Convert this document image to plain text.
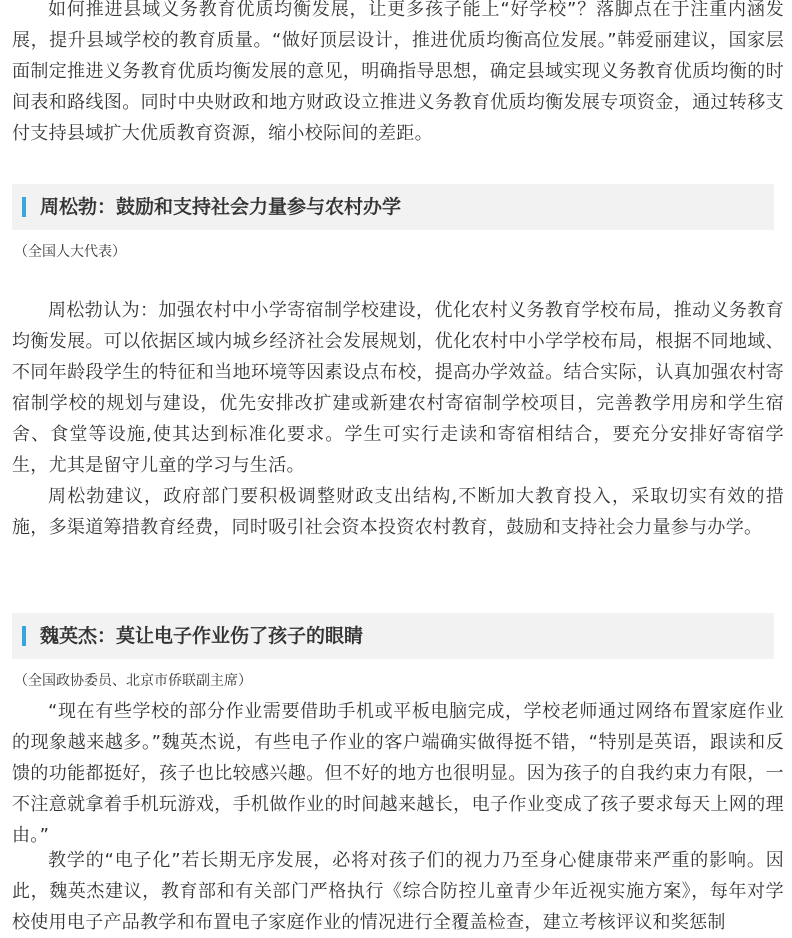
如何推进县域义务教育优质均衡发展，让更多孩子能上“好学校”？落脚点在于注重内涵发展，提升县域学校的教育质量。“做好顶层设计，推进优质均衡高位发展。”韩爱丽建议，国家层面制定推进义务教育优质均衡发展的意见，明确指导思想，确定县域实现义务教育优质均衡的时间表和路线图。同时中央财政和地方财政设立推进义务教育优质均衡发展专项资金，通过转移支付支持县域扩大优质教育资源，缩小校际间的差距。

周松勃：鼓励和支持社会力量参与农村办学
（全国人大代表）

周松勃认为：加强农村中小学寄宿制学校建设，优化农村义务教育学校布局，推动义务教育均衡发展。可以依据区域内城乡经济社会发展规划，优化农村中小学学校布局，根据不同地域、不同年龄段学生的特征和当地环境等因素设点布校，提高办学效益。结合实际，认真加强农村寄宿制学校的规划与建设，优先安排改扩建或新建农村寄宿制学校项目，完善教学用房和学生宿舍、食堂等设施,使其达到标准化要求。学生可实行走读和寄宿相结合，要充分安排好寄宿学生，尤其是留守儿童的学习与生活。

周松勃建议，政府部门要积极调整财政支出结构,不断加大教育投入，采取切实有效的措施，多渠道筹措教育经费，同时吸引社会资本投资农村教育，鼓励和支持社会力量参与办学。

魏英杰：莫让电子作业伤了孩子的眼睛
（全国政协委员、北京市侨联副主席）

“现在有些学校的部分作业需要借助手机或平板电脑完成，学校老师通过网络布置家庭作业的现象越来越多。”魏英杰说，有些电子作业的客户端确实做得挺不错，“特别是英语，跟读和反馈的功能都挺好，孩子也比较感兴趣。但不好的地方也很明显。因为孩子的自我约束力有限，一不注意就拿着手机玩游戏，手机做作业的时间越来越长，电子作业变成了孩子要求每天上网的理由。”

教学的“电子化”若长期无序发展，必将对孩子们的视力乃至身心健康带来严重的影响。因此，魏英杰建议，教育部和有关部门严格执行《综合防控儿童青少年近视实施方案》，每年对学校使用电子产品教学和布置电子家庭作业的情况进行全覆盖检查，建立考核评议和奖惩制
